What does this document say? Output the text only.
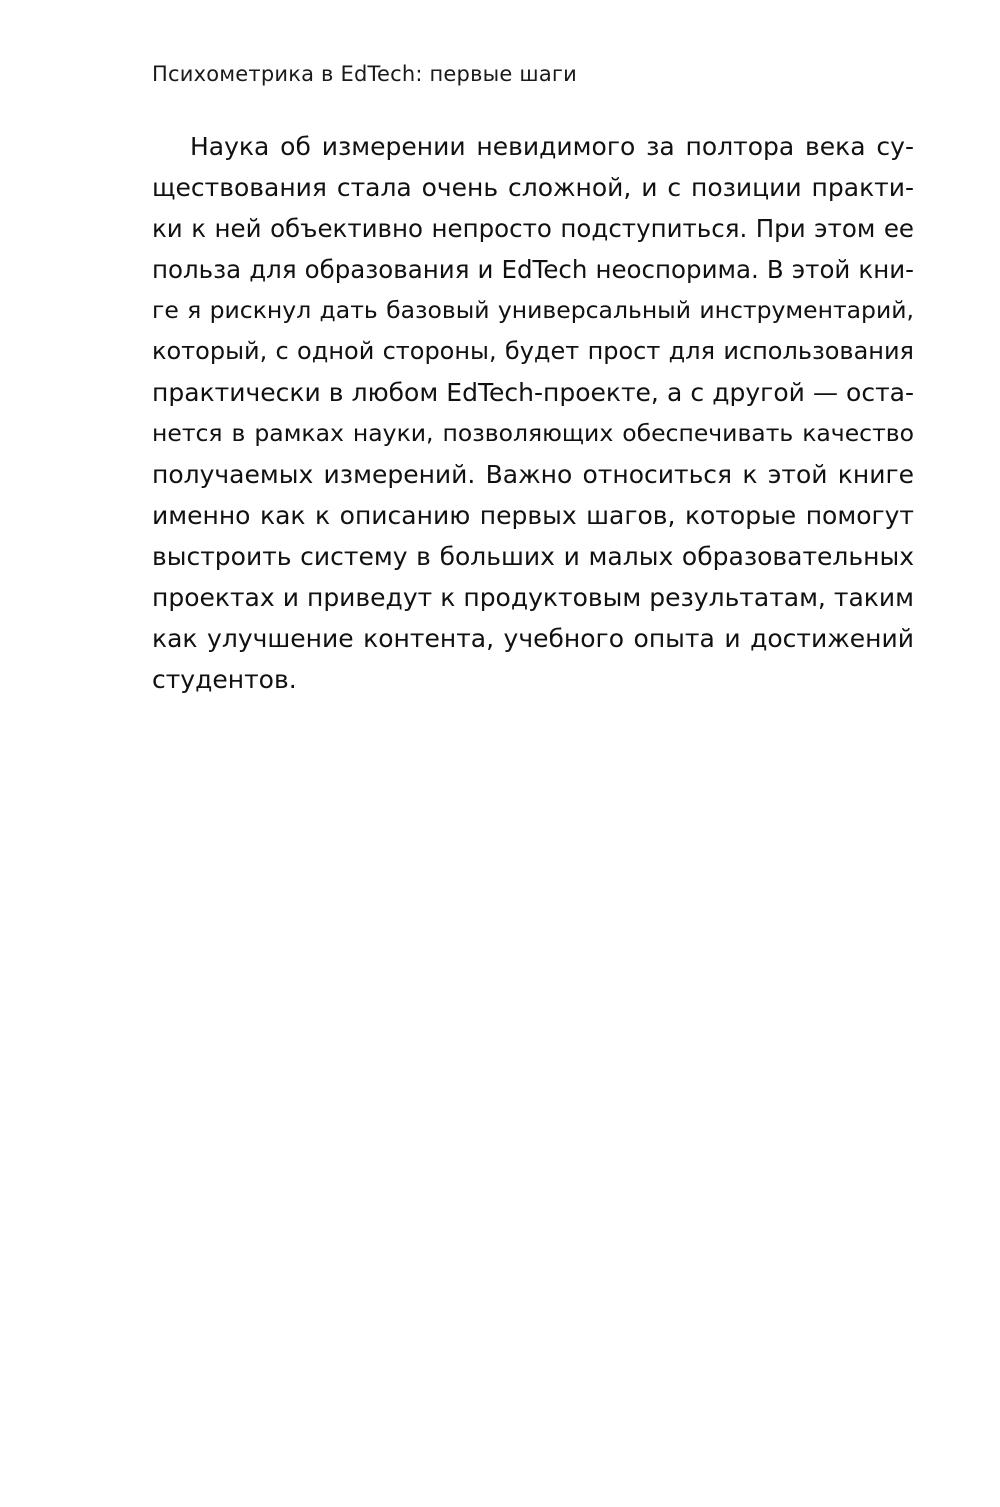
Психометрика в EdTech: первые шаги
Наука об измерении невидимого за полтора века су-
ществования стала очень сложной, и с позиции практи-
ки к ней объективно непросто подступиться. При этом ее
польза для образования и EdTech неоспорима. В этой кни-
ге я рискнул дать базовый универсальный инструментарий,
который, с одной стороны, будет прост для использования
практически в любом EdTech-проекте, а с другой — оста-
нется в рамках науки, позволяющих обеспечивать качество
получаемых измерений. Важно относиться к этой книге
именно как к описанию первых шагов, которые помогут
выстроить систему в больших и малых образовательных
проектах и приведут к продуктовым результатам, таким
как улучшение контента, учебного опыта и достижений
студентов.
